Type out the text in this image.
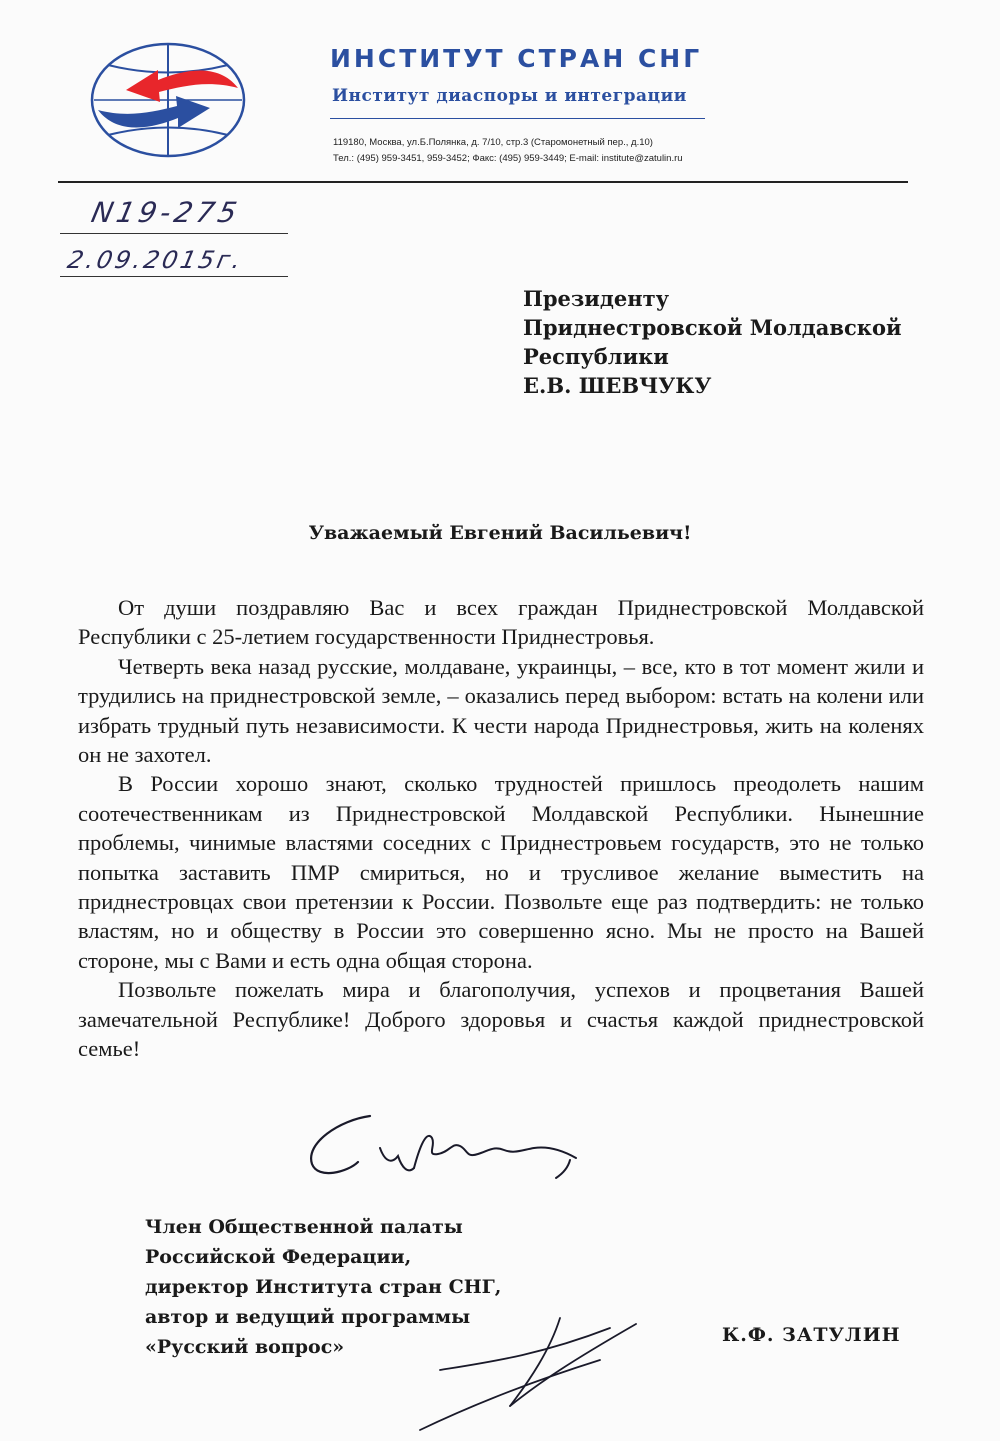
ИНСТИТУТ СТРАН СНГ
Институт диаспоры и интеграции
119180, Москва, ул.Б.Полянка, д. 7/10, стр.3 (Старомонетный пер., д.10)
Тел.: (495) 959-3451, 959-3452; Факс: (495) 959-3449; E-mail: institute@zatulin.ru
N19-275
2.09.2015г.
Президенту
Приднестровской Молдавской
Республики
Е.В. ШЕВЧУКУ
Уважаемый Евгений Васильевич!

От души поздравляю Вас и всех граждан Приднестровской Молдавской Республики с 25-летием государственности Приднестровья.

Четверть века назад русские, молдаване, украинцы, – все, кто в тот момент жили и трудились на приднестровской земле, – оказались перед выбором: встать на колени или избрать трудный путь независимости. К чести народа Приднестровья, жить на коленях он не захотел.

В России хорошо знают, сколько трудностей пришлось преодолеть нашим соотечественникам из Приднестровской Молдавской Республики. Нынешние проблемы, чинимые властями соседних с Приднестровьем государств, это не только попытка заставить ПМР смириться, но и трусливое желание выместить на приднестровцах свои претензии к России. Позвольте еще раз подтвердить: не только властям, но и обществу в России это совершенно ясно. Мы не просто на Вашей стороне, мы с Вами и есть одна общая сторона.

Позвольте пожелать мира и благополучия, успехов и процветания Вашей замечательной Республике! Доброго здоровья и счастья каждой приднестровской семье!

Член Общественной палаты
Российской Федерации,
директор Института стран СНГ,
автор и ведущий программы
«Русский вопрос»
К.Ф. ЗАТУЛИН
